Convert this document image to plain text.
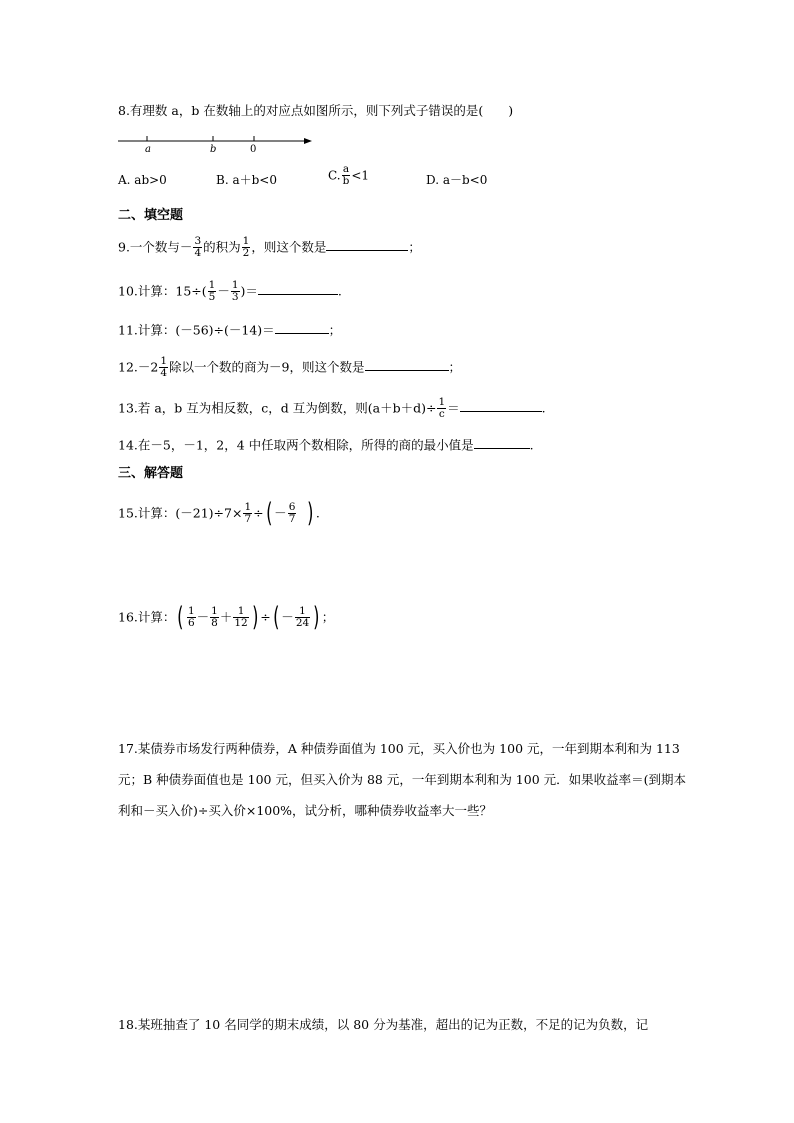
8.有理数 a，b 在数轴上的对应点如图所示，则下列式子错误的是(　　)
a	b	0
A. ab>0	B. a＋b<0	C. $\frac{a}{b} <1$	D. a－b<0
二、填空题
9.一个数与－ $\frac{3}{4}$ 的积为 $\frac{1}{2}$ ，则这个数是	；
10.计算：$15\div( \frac{1}{5} - \frac{1}{3}$ )＝	.
11.计算：(－56)÷(－14)＝	；
$12.-2 \frac{1}{4}$ 除以一个数的商为－9，则这个数是	；
13.若 a，b 互为相反数，c，d 互为倒数，则$(a+b+d)\div \frac{1}{c}$ ＝	.
14.在－5，－1，2，4 中任取两个数相除，所得的商的最小值是	.
三、解答题
15.计算：$(-21)\div 7\times \frac{1}{7}$ ÷( － $\frac{6}{7}$ ) .
16.计算：( $\frac{1}{6} - \frac{1}{8} + \frac{1}{12}$ ) ÷( － $\frac{1}{24}$ ) ；
17.某债券市场发行两种债券，A 种债券面值为 100 元，买入价也为 100 元，一年到期本利和为 113 元；B 种债券面值也是 100 元，但买入价为 88 元，一年到期本利和为 100 元．如果收益率＝(到期本利和－买入价)÷买入价×100%，试分析，哪种债券收益率大一些？
18.某班抽查了 10 名同学的期末成绩，以 80 分为基准，超出的记为正数，不足的记为负数，记
